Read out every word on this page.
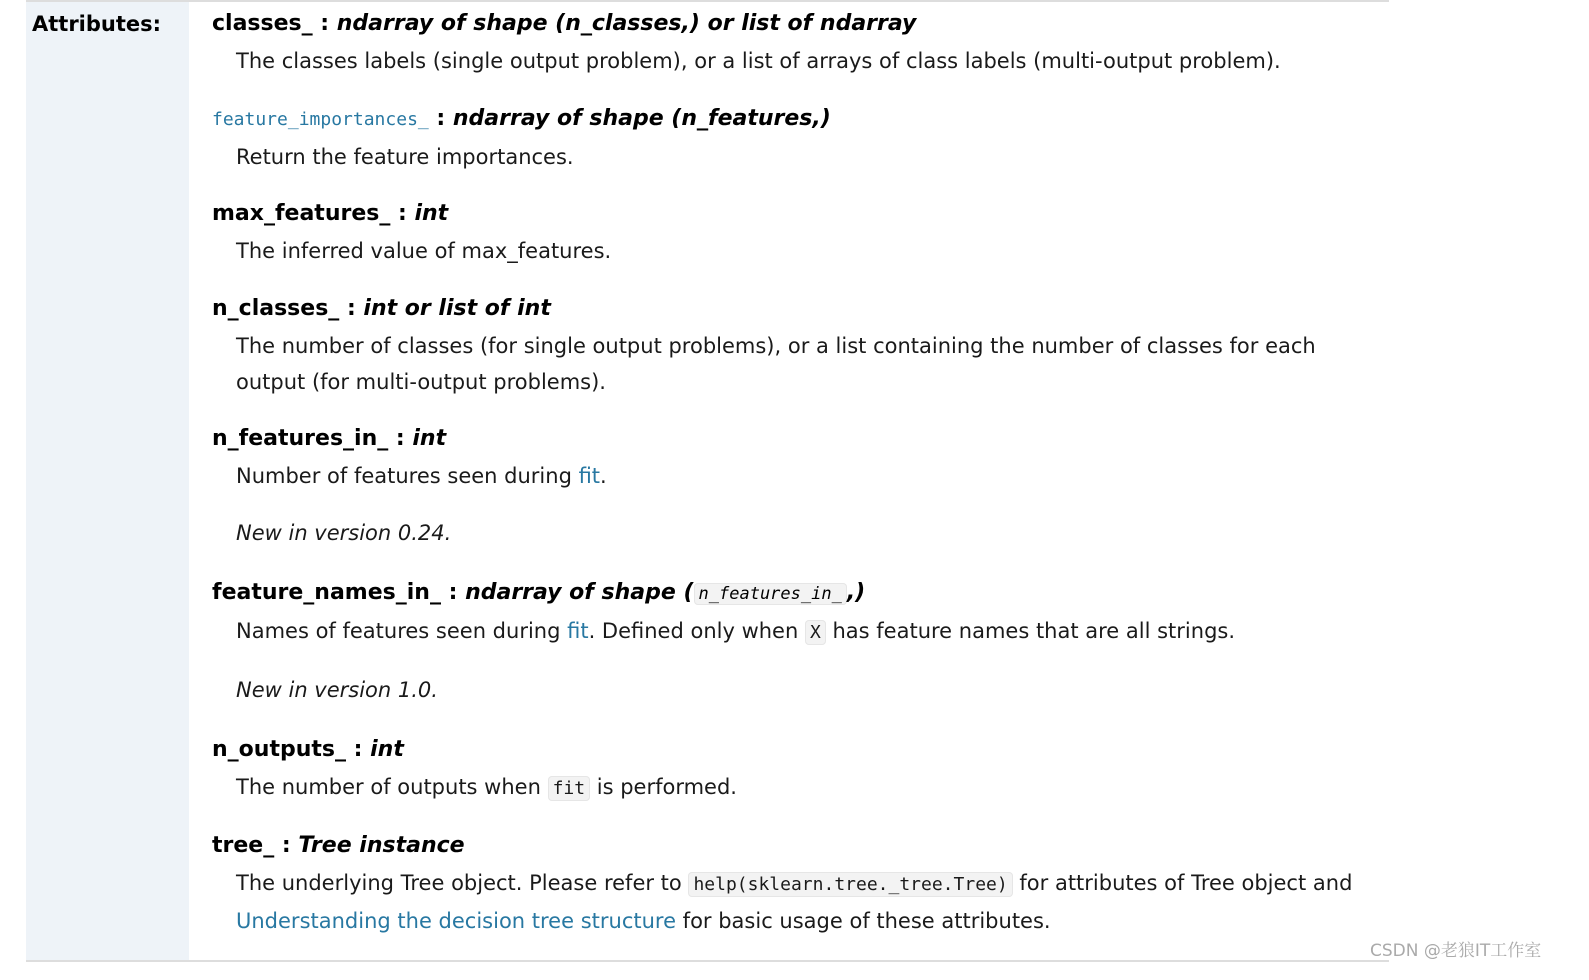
Attributes: classes_ : ndarray of shape (n_classes,) or list of ndarray
The classes labels (single output problem), or a list of arrays of class labels (multi-output problem).
feature_importances_ : ndarray of shape (n_features,)
Return the feature importances.
max_features_ : int
The inferred value of max_features.
n_classes_ : int or list of int
The number of classes (for single output problems), or a list containing the number of classes for each output (for multi-output problems).
n_features_in_ : int
Number of features seen during fit.
New in version 0.24.
feature_names_in_ : ndarray of shape ( n_features_in_ ,)
Names of features seen during fit. Defined only when X has feature names that are all strings.
New in version 1.0.
n_outputs_ : int
The number of outputs when fit is performed.
tree_ : Tree instance
The underlying Tree object. Please refer to help(sklearn.tree._tree.Tree) for attributes of Tree object and Understanding the decision tree structure for basic usage of these attributes.
CSDN @老狼IT工作室
